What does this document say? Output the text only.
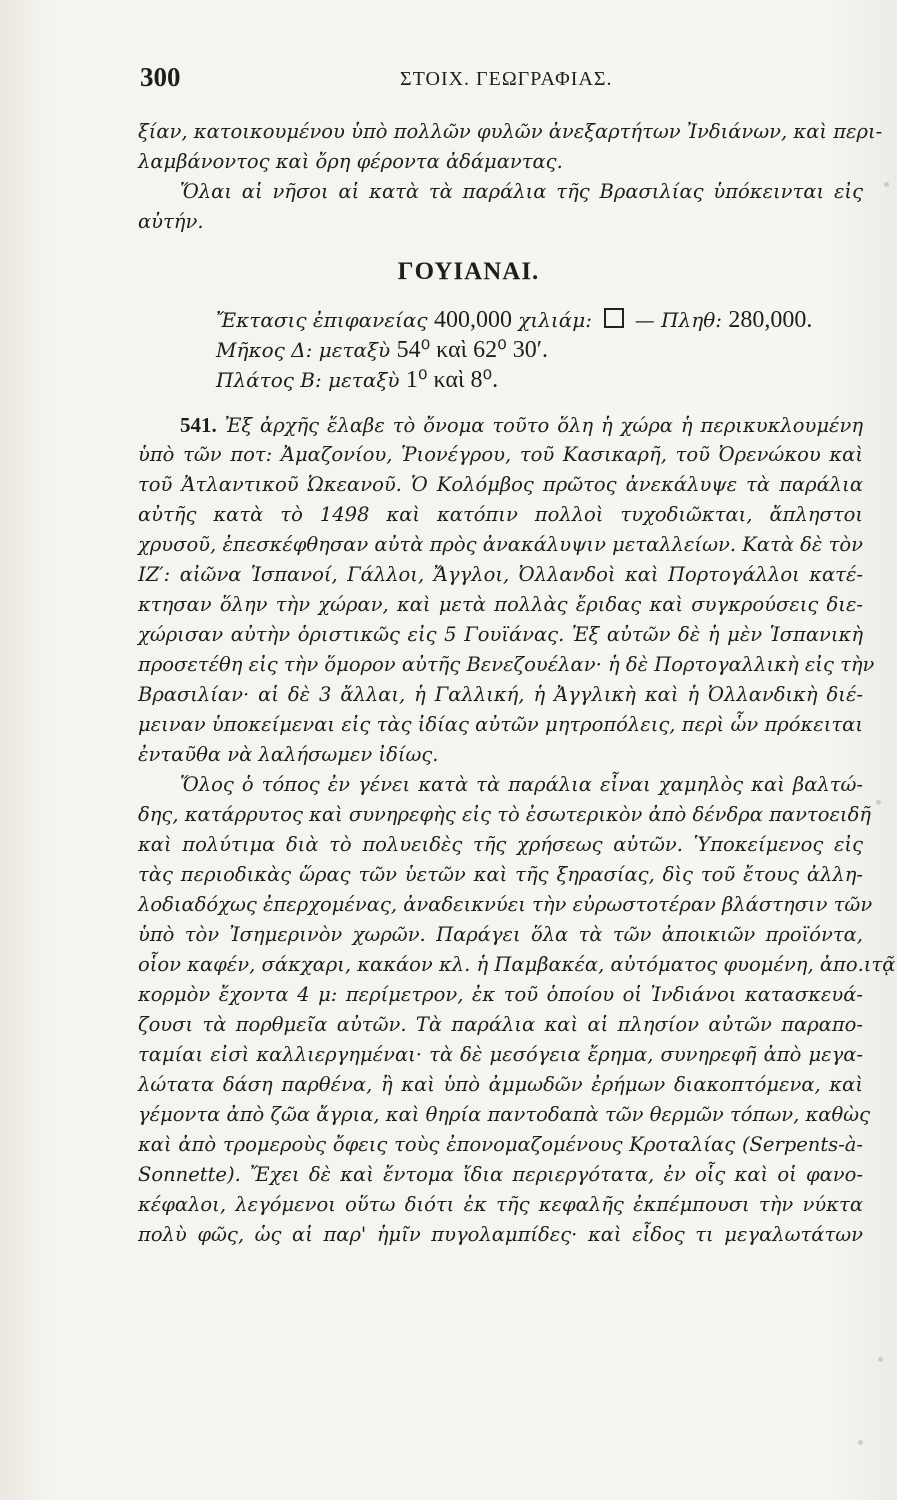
300	ΣΤΟΙΧ. ΓΕΩΓΡΑΦΙΑΣ.
ξίαν, κατοικουμένου ὑπὸ πολλῶν φυλῶν ἀνεξαρτήτων Ἰνδιάνων, καὶ περι-
λαμβάνοντος καὶ ὄρη φέροντα ἀδάμαντας.
Ὅλαι αἱ νῆσοι αἱ κατὰ τὰ παράλια τῆς Βρασιλίας ὑπόκεινται εἰς
αὐτήν.
ΓΟΥΙΑΝΑΙ.
Ἔκτασις ἐπιφανείας 400,000 χιλιάμ: — Πληθ: 280,000.
Μῆκος Δ: μεταξὺ 54⁰ καὶ 62⁰ 30′.
Πλάτος Β: μεταξὺ 1⁰ καὶ 8⁰.
541. Ἐξ ἀρχῆς ἔλαβε τὸ ὄνομα τοῦτο ὅλη ἡ χώρα ἡ περικυκλουμένη
ὑπὸ τῶν ποτ: Ἀμαζονίου, Ῥιονέγρου, τοῦ Κασικαρῆ, τοῦ Ὀρενώκου καὶ
τοῦ Ἀτλαντικοῦ Ὠκεανοῦ. Ὁ Κολόμβος πρῶτος ἀνεκάλυψε τὰ παράλια
αὐτῆς κατὰ τὸ 1498 καὶ κατόπιν πολλοὶ τυχοδιῶκται, ἄπληστοι
χρυσοῦ, ἐπεσκέφθησαν αὐτὰ πρὸς ἀνακάλυψιν μεταλλείων. Κατὰ δὲ τὸν
ΙΖ′: αἰῶνα Ἱσπανοί, Γάλλοι, Ἄγγλοι, Ὀλλανδοὶ καὶ Πορτογάλλοι κατέ-
κτησαν ὅλην τὴν χώραν, καὶ μετὰ πολλὰς ἔριδας καὶ συγκρούσεις διε-
χώρισαν αὐτὴν ὁριστικῶς εἰς 5 Γουϊάνας. Ἐξ αὐτῶν δὲ ἡ μὲν Ἱσπανικὴ
προσετέθη εἰς τὴν ὅμορον αὐτῆς Βενεζουέλαν· ἡ δὲ Πορτογαλλικὴ εἰς τὴν
Βρασιλίαν· αἱ δὲ 3 ἄλλαι, ἡ Γαλλική, ἡ Ἀγγλικὴ καὶ ἡ Ὀλλανδικὴ διέ-
μειναν ὑποκείμεναι εἰς τὰς ἰδίας αὐτῶν μητροπόλεις, περὶ ὧν πρόκειται
ἐνταῦθα νὰ λαλήσωμεν ἰδίως.
Ὅλος ὁ τόπος ἐν γένει κατὰ τὰ παράλια εἶναι χαμηλὸς καὶ βαλτώ-
δης, κατάρρυτος καὶ συνηρεφὴς εἰς τὸ ἐσωτερικὸν ἀπὸ δένδρα παντοειδῆ
καὶ πολύτιμα διὰ τὸ πολυειδὲς τῆς χρήσεως αὐτῶν. Ὑποκείμενος εἰς
τὰς περιοδικὰς ὥρας τῶν ὑετῶν καὶ τῆς ξηρασίας, δὶς τοῦ ἔτους ἀλλη-
λοδιαδόχως ἐπερχομένας, ἀναδεικνύει τὴν εὐρωστοτέραν βλάστησιν τῶν
ὑπὸ τὸν Ἰσημερινὸν χωρῶν. Παράγει ὅλα τὰ τῶν ἀποικιῶν προϊόντα,
οἷον καφέν, σάκχαρι, κακάον κλ. ἡ Παμβακέα, αὐτόματος φυομένη, ἀπο.ιτᾷ
κορμὸν ἔχοντα 4 μ: περίμετρον, ἐκ τοῦ ὁποίου οἱ Ἰνδιάνοι κατασκευά-
ζουσι τὰ πορθμεῖα αὐτῶν. Τὰ παράλια καὶ αἱ πλησίον αὐτῶν παραπο-
ταμίαι εἰσὶ καλλιεργημέναι· τὰ δὲ μεσόγεια ἔρημα, συνηρεφῆ ἀπὸ μεγα-
λώτατα δάση παρθένα, ἢ καὶ ὑπὸ ἀμμωδῶν ἐρήμων διακοπτόμενα, καὶ
γέμοντα ἀπὸ ζῶα ἄγρια, καὶ θηρία παντοδαπὰ τῶν θερμῶν τόπων, καθὼς
καὶ ἀπὸ τρομεροὺς ὄφεις τοὺς ἐπονομαζομένους Κροταλίας (Serpents-à-
Sonnette). Ἔχει δὲ καὶ ἔντομα ἴδια περιεργότατα, ἐν οἷς καὶ οἱ φανο-
κέφαλοι, λεγόμενοι οὕτω διότι ἐκ τῆς κεφαλῆς ἐκπέμπουσι τὴν νύκτα
πολὺ φῶς, ὡς αἱ παρ' ἡμῖν πυγολαμπίδες· καὶ εἶδος τι μεγαλωτάτων
